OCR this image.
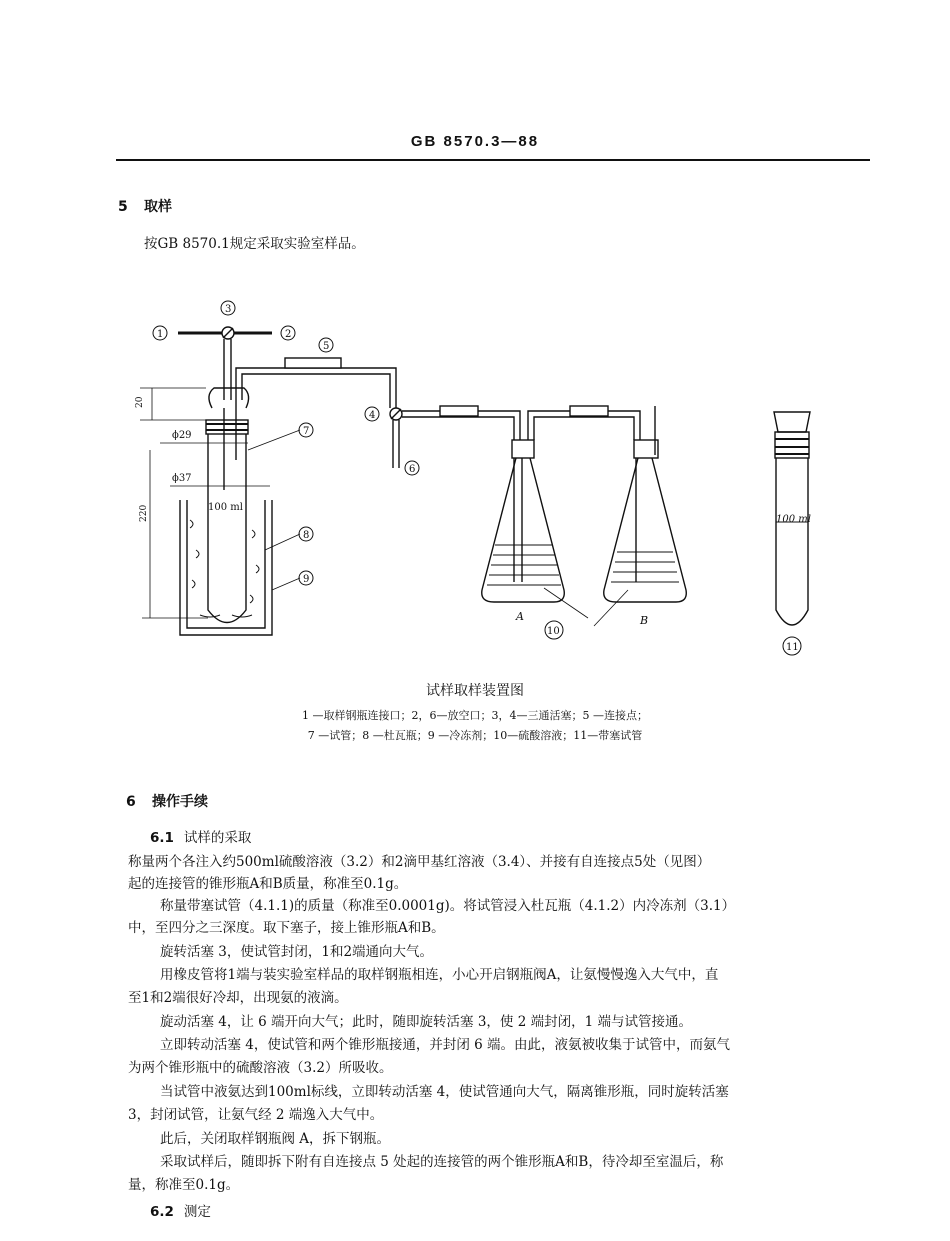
GB 8570.3—88
5 取样
按GB 8570.1规定采取实验室样品。
20
ϕ29
ϕ37
220	100 ml
100 ml
A	B
1	2
3
4
5
6
7
8
9
10
11
试样取样装置图
1 —取样钢瓶连接口；2，6—放空口；3，4—三通活塞；5 —连接点；
7 —试管；8 —杜瓦瓶；9 —冷冻剂；10—硫酸溶液；11—带塞试管
6 操作手续
6.1 试样的采取
称量两个各注入约500ml硫酸溶液（3.2）和2滴甲基红溶液（3.4）、并接有自连接点5处（见图）
起的连接管的锥形瓶A和B质量，称准至0.1g。
称量带塞试管（4.1.1)的质量（称准至0.0001g)。将试管浸入杜瓦瓶（4.1.2）内冷冻剂（3.1）
中，至四分之三深度。取下塞子，接上锥形瓶A和B。
旋转活塞 3，使试管封闭，1和2端通向大气。
用橡皮管将1端与装实验室样品的取样钢瓶相连，小心开启钢瓶阀A，让氨慢慢逸入大气中，直
至1和2端很好冷却，出现氨的液滴。
旋动活塞 4，让 6 端开向大气；此时，随即旋转活塞 3，使 2 端封闭，1 端与试管接通。
立即转动活塞 4，使试管和两个锥形瓶接通，并封闭 6 端。由此，液氨被收集于试管中，而氨气
为两个锥形瓶中的硫酸溶液（3.2）所吸收。
当试管中液氨达到100ml标线，立即转动活塞 4，使试管通向大气，隔离锥形瓶，同时旋转活塞
3，封闭试管，让氨气经 2 端逸入大气中。
此后，关闭取样钢瓶阀 A，拆下钢瓶。
采取试样后，随即拆下附有自连接点 5 处起的连接管的两个锥形瓶A和B，待冷却至室温后，称
量，称准至0.1g。
6.2 测定
